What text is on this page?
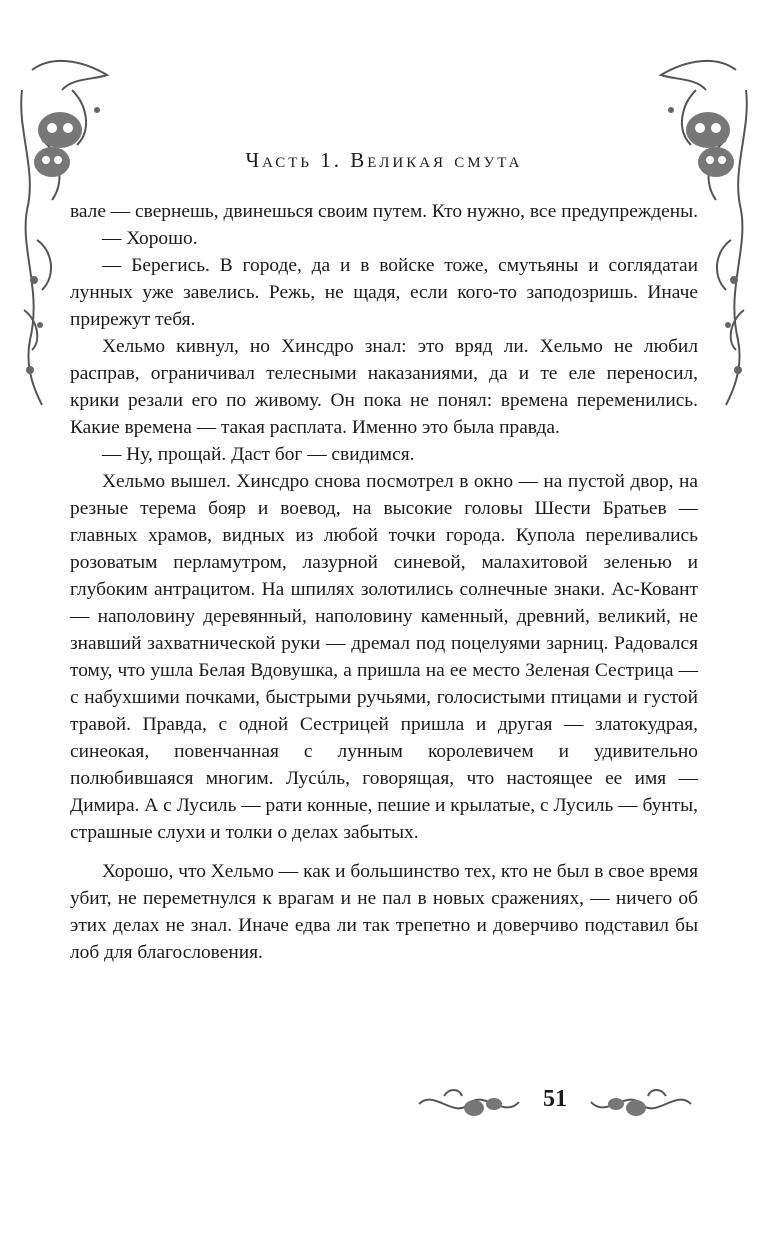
Часть 1. Великая смута

вале — свернешь, двинешься своим путем. Кто нужно, все предупреждены.

— Хорошо.

— Берегись. В городе, да и в войске тоже, смутьяны и соглядатаи лунных уже завелись. Режь, не щадя, если кого-то заподозришь. Иначе прирежут тебя.

Хельмо кивнул, но Хинсдро знал: это вряд ли. Хельмо не любил расправ, ограничивал телесными наказаниями, да и те еле переносил, крики резали его по живому. Он пока не понял: времена переменились. Какие времена — такая расплата. Именно это была правда.

— Ну, прощай. Даст бог — свидимся.

Хельмо вышел. Хинсдро снова посмотрел в окно — на пустой двор, на резные терема бояр и воевод, на высокие головы Шести Братьев — главных храмов, видных из любой точки города. Купола переливались розоватым перламутром, лазурной синевой, малахитовой зеленью и глубоким антрацитом. На шпилях золотились солнечные знаки. Ас-Ковант — наполовину деревянный, наполовину каменный, древний, великий, не знавший захватнической руки — дремал под поцелуями зарниц. Радовался тому, что ушла Белая Вдовушка, а пришла на ее место Зеленая Сестрица — с набухшими почками, быстрыми ручьями, голосистыми птицами и густой травой. Правда, с одной Сестрицей пришла и другая — златокудрая, синеокая, повенчанная с лунным королевичем и удивительно полюбившаяся многим. Лусúль, говорящая, что настоящее ее имя — Димира. А с Лусиль — рати конные, пешие и крылатые, с Лусиль — бунты, страшные слухи и толки о делах забытых.

Хорошо, что Хельмо — как и большинство тех, кто не был в свое время убит, не переметнулся к врагам и не пал в новых сражениях, — ничего об этих делах не знал. Иначе едва ли так трепетно и доверчиво подставил бы лоб для благословения.

51
